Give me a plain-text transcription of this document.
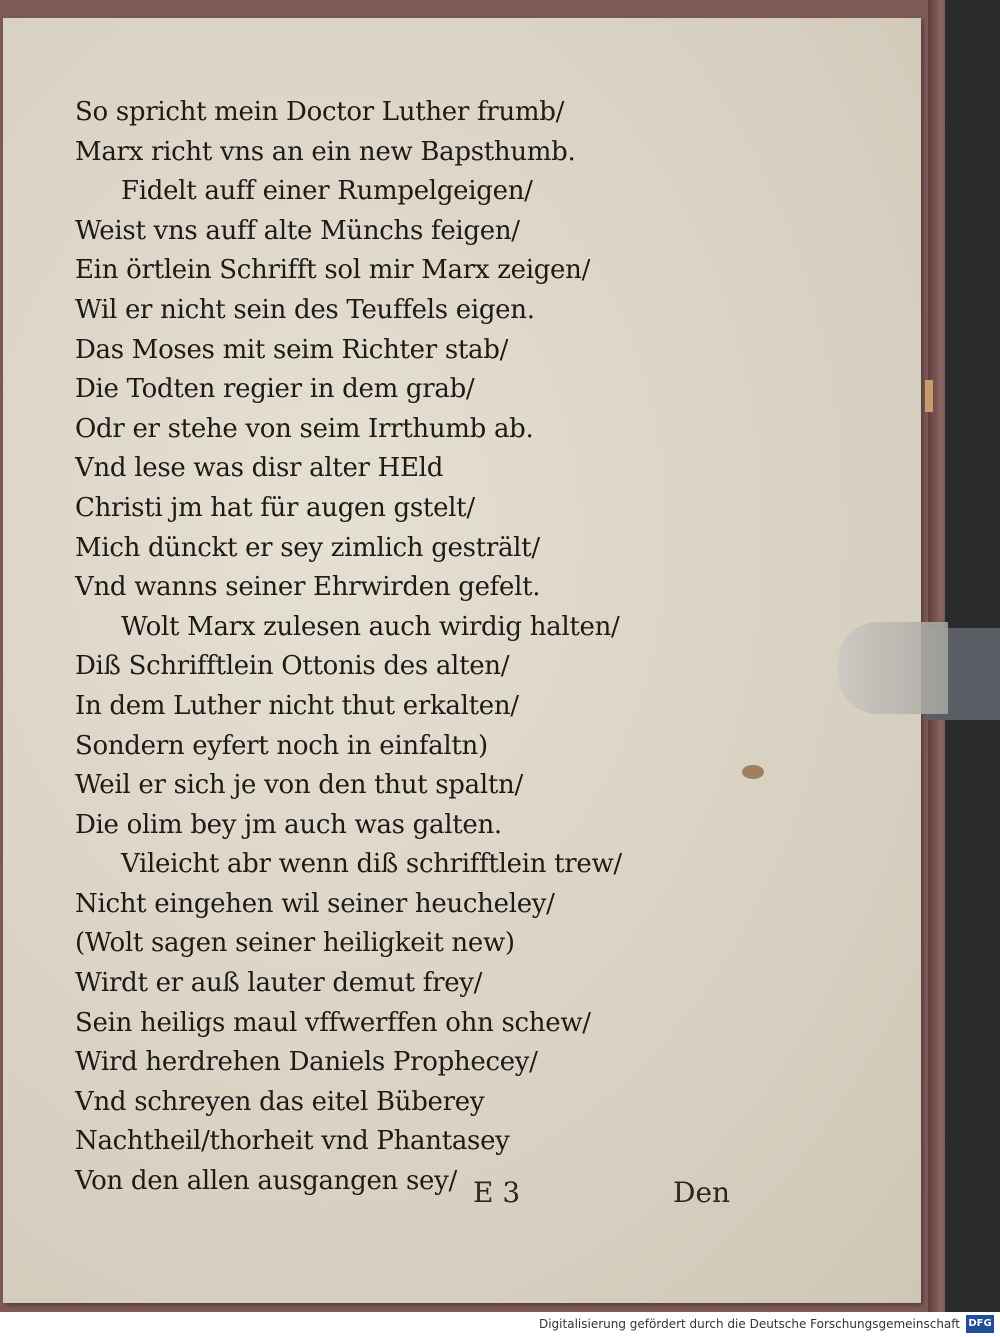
So spricht mein Doctor Luther frumb/
Marx richt vns an ein new Bapsthumb.
Fidelt auff einer Rumpelgeigen/
Weist vns auff alte Münchs feigen/
Ein örtlein Schrifft sol mir Marx zeigen/
Wil er nicht sein des Teuffels eigen.
Das Moses mit seim Richter stab/
Die Todten regier in dem grab/
Odr er stehe von seim Irrthumb ab.
Vnd lese was disr alter HEld
Christi jm hat für augen gstelt/
Mich dünckt er sey zimlich gestrält/
Vnd wanns seiner Ehrwirden gefelt.
Wolt Marx zulesen auch wirdig halten/
Diß Schrifftlein Ottonis des alten/
In dem Luther nicht thut erkalten/
Sondern eyfert noch in einfaltn)
Weil er sich je von den thut spaltn/
Die olim bey jm auch was galten.
Vileicht abr wenn diß schrifftlein trew/
Nicht eingehen wil seiner heucheley/
(Wolt sagen seiner heiligkeit new)
Wirdt er auß lauter demut frey/
Sein heiligs maul vffwerffen ohn schew/
Wird herdrehen Daniels Prophecey/
Vnd schreyen das eitel Büberey
Nachtheil/thorheit vnd Phantasey
Von den allen ausgangen sey/ E 3	Den
Digitalisierung gefördert durch die Deutsche Forschungsgemeinschaft DFG
